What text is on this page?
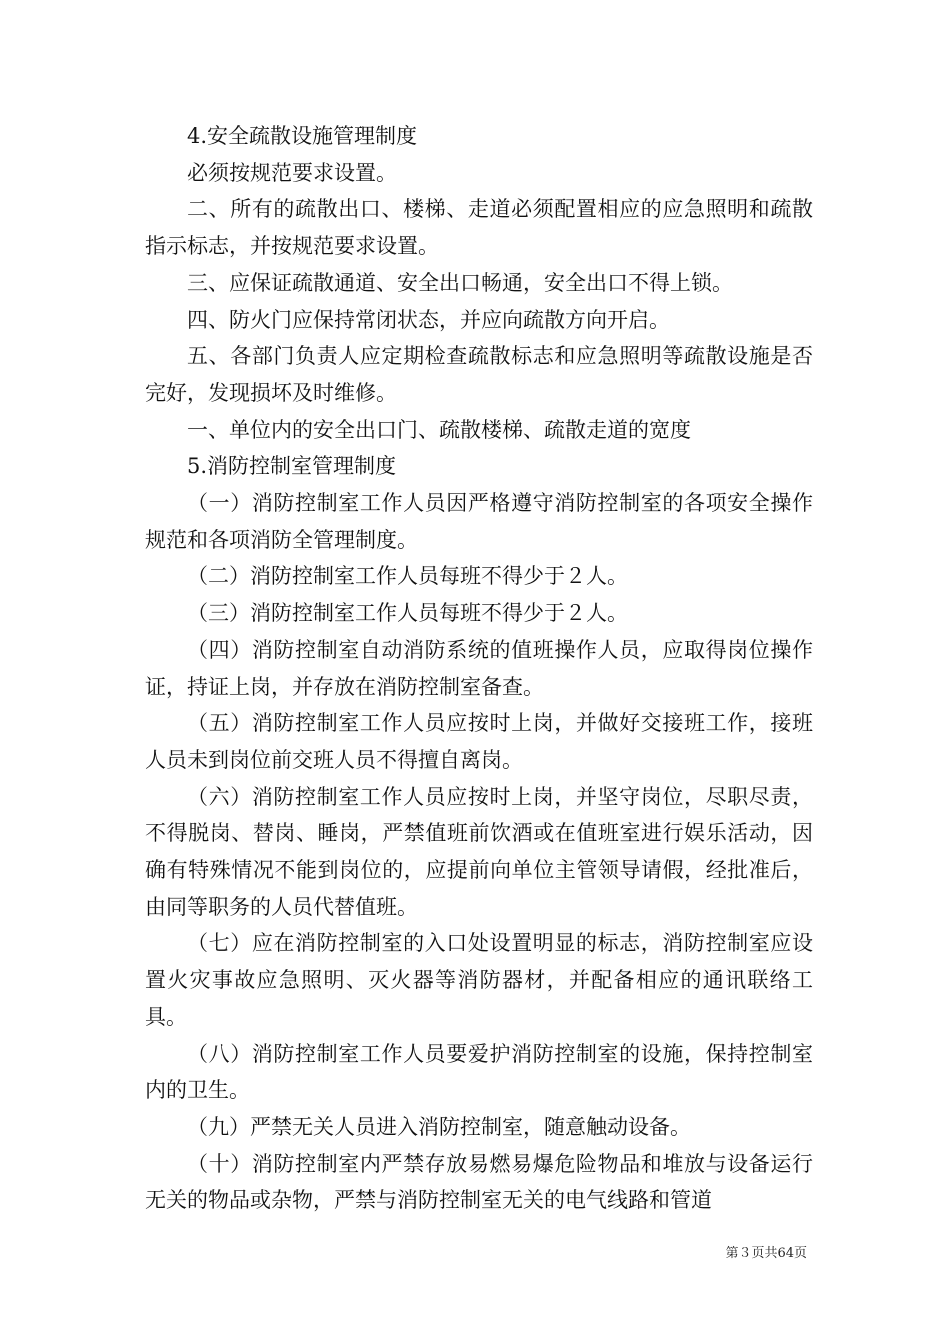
4.安全疏散设施管理制度

必须按规范要求设置。

二、所有的疏散出口、楼梯、走道必须配置相应的应急照明和疏散指示标志，并按规范要求设置。

三、应保证疏散通道、安全出口畅通，安全出口不得上锁。

四、防火门应保持常闭状态，并应向疏散方向开启。

五、各部门负责人应定期检查疏散标志和应急照明等疏散设施是否完好，发现损坏及时维修。

一、单位内的安全出口门、疏散楼梯、疏散走道的宽度

5.消防控制室管理制度

（一）消防控制室工作人员因严格遵守消防控制室的各项安全操作规范和各项消防全管理制度。

（二）消防控制室工作人员每班不得少于２人。

（三）消防控制室工作人员每班不得少于２人。

（四）消防控制室自动消防系统的值班操作人员，应取得岗位操作证，持证上岗，并存放在消防控制室备查。

（五）消防控制室工作人员应按时上岗，并做好交接班工作，接班人员未到岗位前交班人员不得擅自离岗。

（六）消防控制室工作人员应按时上岗，并坚守岗位，尽职尽责，不得脱岗、替岗、睡岗，严禁值班前饮酒或在值班室进行娱乐活动，因确有特殊情况不能到岗位的，应提前向单位主管领导请假，经批准后，由同等职务的人员代替值班。

（七）应在消防控制室的入口处设置明显的标志，消防控制室应设置火灾事故应急照明、灭火器等消防器材，并配备相应的通讯联络工具。

（八）消防控制室工作人员要爱护消防控制室的设施，保持控制室内的卫生。

（九）严禁无关人员进入消防控制室，随意触动设备。

（十）消防控制室内严禁存放易燃易爆危险物品和堆放与设备运行无关的物品或杂物，严禁与消防控制室无关的电气线路和管道

第３页共64页
